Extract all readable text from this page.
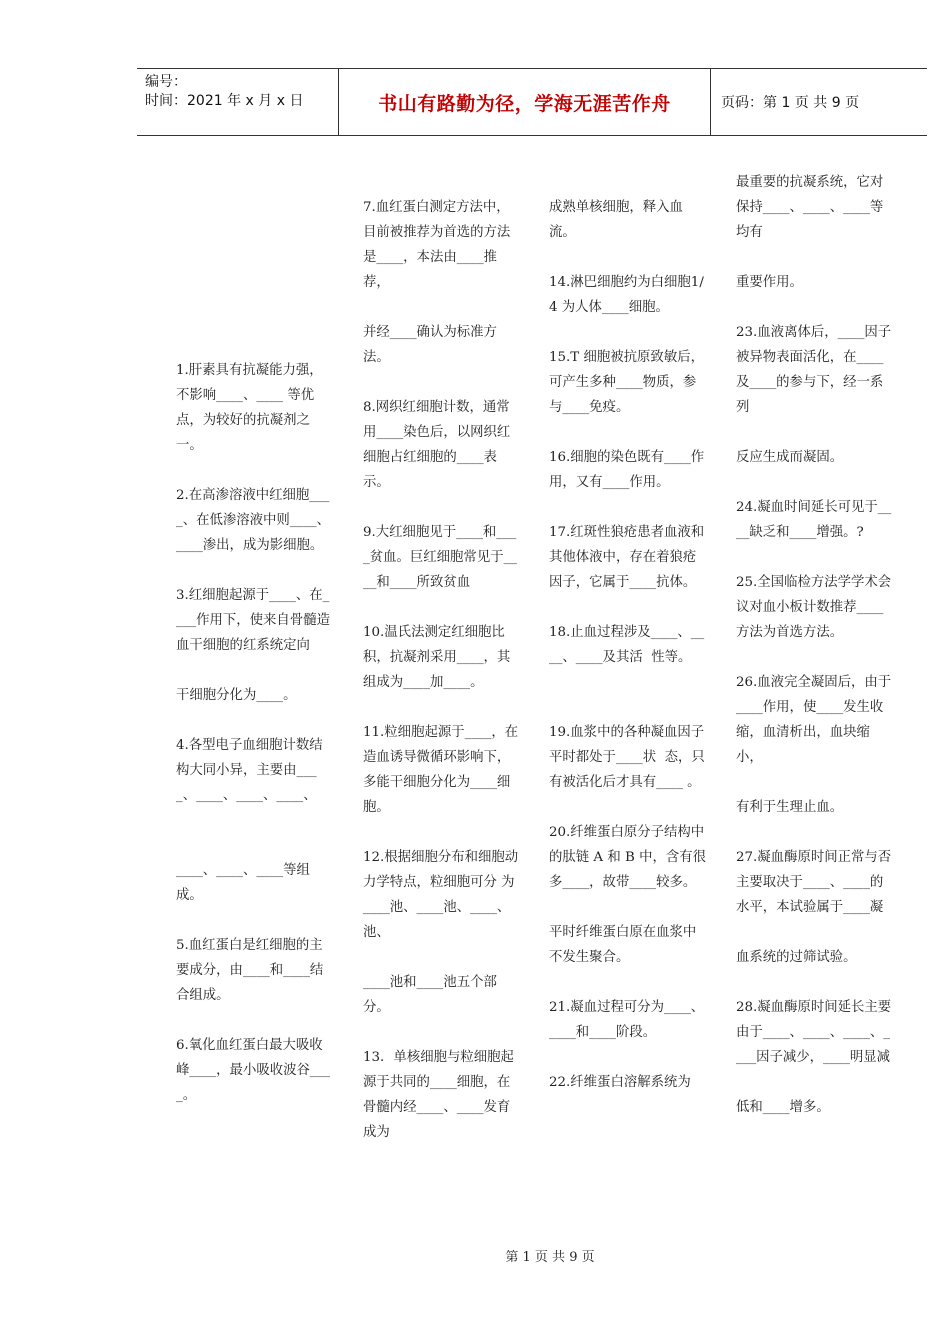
编号：
时间：2021 年 x 月 x 日	书山有路勤为径，学海无涯苦作舟	页码：第 1 页 共 9 页

1.肝素具有抗凝能力强，不影响____、____ 等优点，为较好的抗凝剂之一。

2.在高渗溶液中红细胞____、在低渗溶液中则____、____渗出，成为影细胞。

3.红细胞起源于____、在____作用下，使来自骨髓造血干细胞的红系统定向

干细胞分化为____。

4.各型电子血细胞计数结构大同小异，主要由____、____、____、____、

____、____、____等组成。

5.血红蛋白是红细胞的主要成分，由____和____结合组成。

6.氧化血红蛋白最大吸收峰____，最小吸收波谷____。

7.血红蛋白测定方法中，目前被推荐为首选的方法是____，本法由____推荐，

并经____确认为标准方法。

8.网织红细胞计数，通常用____染色后，以网织红细胞占红细胞的____表示。

9.大红细胞见于____和____贫血。巨红细胞常见于____和____所致贫血

10.温氏法测定红细胞比积，抗凝剂采用____，其组成为____加____。

11.粒细胞起源于____，在造血诱导微循环影响下，多能干细胞分化为____细胞。

12.根据细胞分布和细胞动力学特点，粒细胞可分 为____池、____池、____、 池、

____池和____池五个部分。

13．单核细胞与粒细胞起源于共同的____细胞，在骨髓内经____、____发育成为

成熟单核细胞，释入血流。

14.淋巴细胞约为白细胞1/4 为人体____细胞。

15.T 细胞被抗原致敏后，可产生多种____物质，参与____免疫。

16.细胞的染色既有____作用，又有____作用。

17.红斑性狼疮患者血液和其他体液中，存在着狼疮因子，它属于____抗体。

18.止血过程涉及____、____、____及其活  性等。

19.血浆中的各种凝血因子平时都处于____状  态，只有被活化后才具有____ 。

20.纤维蛋白原分子结构中的肽链 A 和 B 中，含有很多____，故带____较多。

平时纤维蛋白原在血浆中不发生聚合。

21.凝血过程可分为____、____和____阶段。

22.纤维蛋白溶解系统为

最重要的抗凝系统，它对保持____、____、____等均有

重要作用。

23.血液离体后，____因子被异物表面活化，在____及____的参与下，经一系列

反应生成而凝固。

24.凝血时间延长可见于____缺乏和____增强。?

25.全国临检方法学学术会议对血小板计数推荐____方法为首选方法。

26.血液完全凝固后，由于____作用，使____发生收缩，血清析出，血块缩小，

有利于生理止血。

27.凝血酶原时间正常与否主要取决于____、____的水平，本试验属于____凝

血系统的过筛试验。

28.凝血酶原时间延长主要由于____、____、____、____因子减少，____明显减

低和____增多。

第 1 页 共 9 页
